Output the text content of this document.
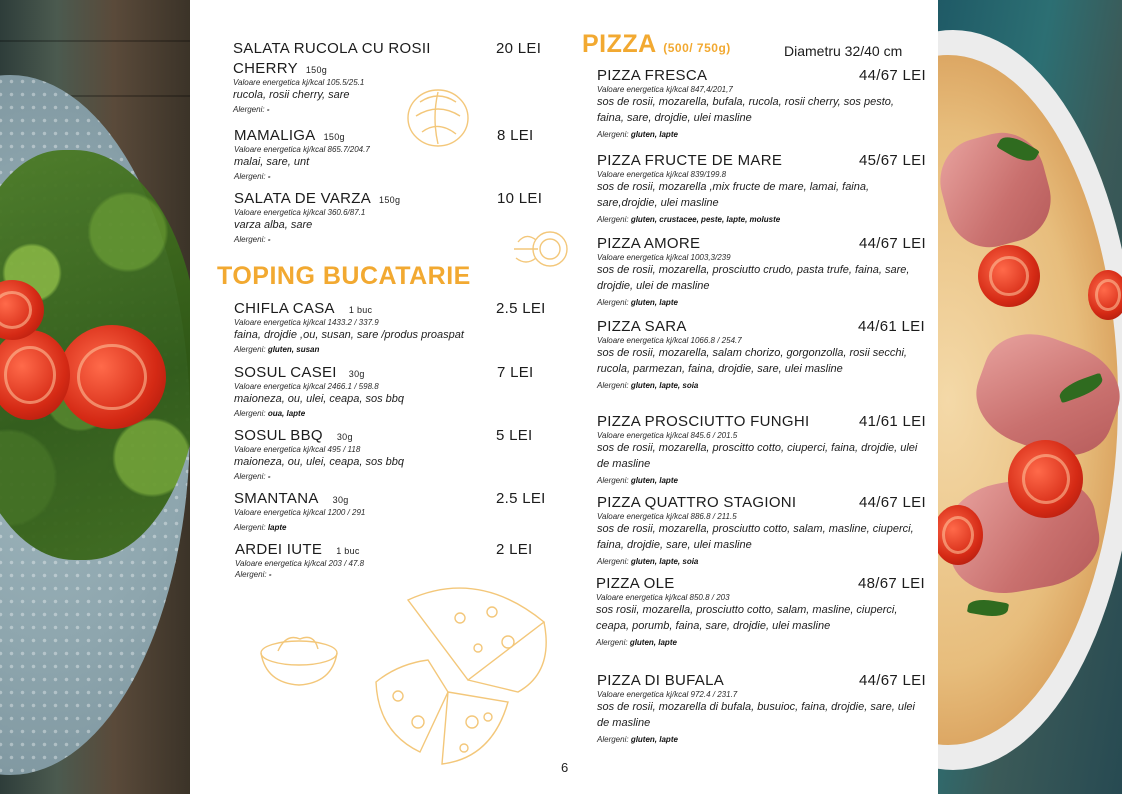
SALATA RUCOLA CU ROSII
CHERRY 150g
Valoare energetica kj/kcal 105.5/25.1
rucola, rosii cherry, sare
Alergeni: -
20 LEI
MAMALIGA 150g
Valoare energetica kj/kcal 865.7/204.7
malai, sare, unt
Alergeni: -
8 LEI
SALATA DE VARZA 150g
Valoare energetica kj/kcal 360.6/87.1
varza alba, sare
Alergeni: -
10 LEI
TOPING BUCATARIE
CHIFLA CASA 1 buc
Valoare energetica kj/kcal 1433.2 / 337.9
faina, drojdie ,ou, susan, sare /produs proaspat
Alergeni: gluten, susan
2.5 LEI
SOSUL CASEI 30g
Valoare energetica kj/kcal 2466.1 / 598.8
maioneza, ou, ulei, ceapa, sos bbq
Alergeni: oua, lapte
7 LEI
SOSUL BBQ 30g
Valoare energetica kj/kcal 495 / 118
maioneza, ou, ulei, ceapa, sos bbq
Alergeni: -
5 LEI
SMANTANA 30g
Valoare energetica kj/kcal 1200 / 291
Alergeni: lapte
2.5 LEI
ARDEI IUTE 1 buc
Valoare energetica kj/kcal 203 / 47.8
Alergeni: -
2 LEI
PIZZA (500/ 750g)	Diametru 32/40 cm
PIZZA FRESCA
Valoare energetica kj/kcal 847,4/201,7
sos de rosii, mozarella, bufala, rucola, rosii cherry, sos pesto, faina, sare, drojdie, ulei masline
Alergeni: gluten, lapte
44/67 LEI
PIZZA FRUCTE DE MARE
Valoare energetica kj/kcal 839/199.8
sos de rosii, mozarella ,mix fructe de mare, lamai, faina, sare,drojdie, ulei masline
Alergeni: gluten, crustacee, peste, lapte, moluste
45/67 LEI
PIZZA AMORE
Valoare energetica kj/kcal 1003,3/239
sos de rosii, mozarella, prosciutto crudo, pasta trufe, faina, sare, drojdie, ulei de masline
Alergeni: gluten, lapte
44/67 LEI
PIZZA SARA
Valoare energetica kj/kcal 1066.8 / 254.7
sos de rosii, mozarella, salam chorizo, gorgonzolla, rosii secchi, rucola, parmezan, faina, drojdie, sare, ulei masline
Alergeni: gluten, lapte, soia
44/61 LEI
PIZZA PROSCIUTTO FUNGHI
Valoare energetica kj/kcal 845.6 / 201.5
sos de rosii, mozarella, proscitto cotto, ciuperci, faina, drojdie, ulei de masline
Alergeni: gluten, lapte
41/61 LEI
PIZZA QUATTRO STAGIONI
Valoare energetica kj/kcal 886.8 / 211.5
sos de rosii, mozarella, prosciutto cotto, salam, masline, ciuperci, faina, drojdie, sare, ulei masline
Alergeni: gluten, lapte, soia
44/67 LEI
PIZZA OLE
Valoare energetica kj/kcal 850.8 / 203
sos rosii, mozarella, prosciutto cotto, salam, masline, ciuperci, ceapa, porumb, faina, sare, drojdie, ulei masline
Alergeni: gluten, lapte
48/67 LEI
PIZZA DI BUFALA
Valoare energetica kj/kcal 972.4 / 231.7
sos de rosii, mozarella di bufala, busuioc, faina, drojdie, sare, ulei de masline
Alergeni: gluten, lapte
44/67 LEI
6
